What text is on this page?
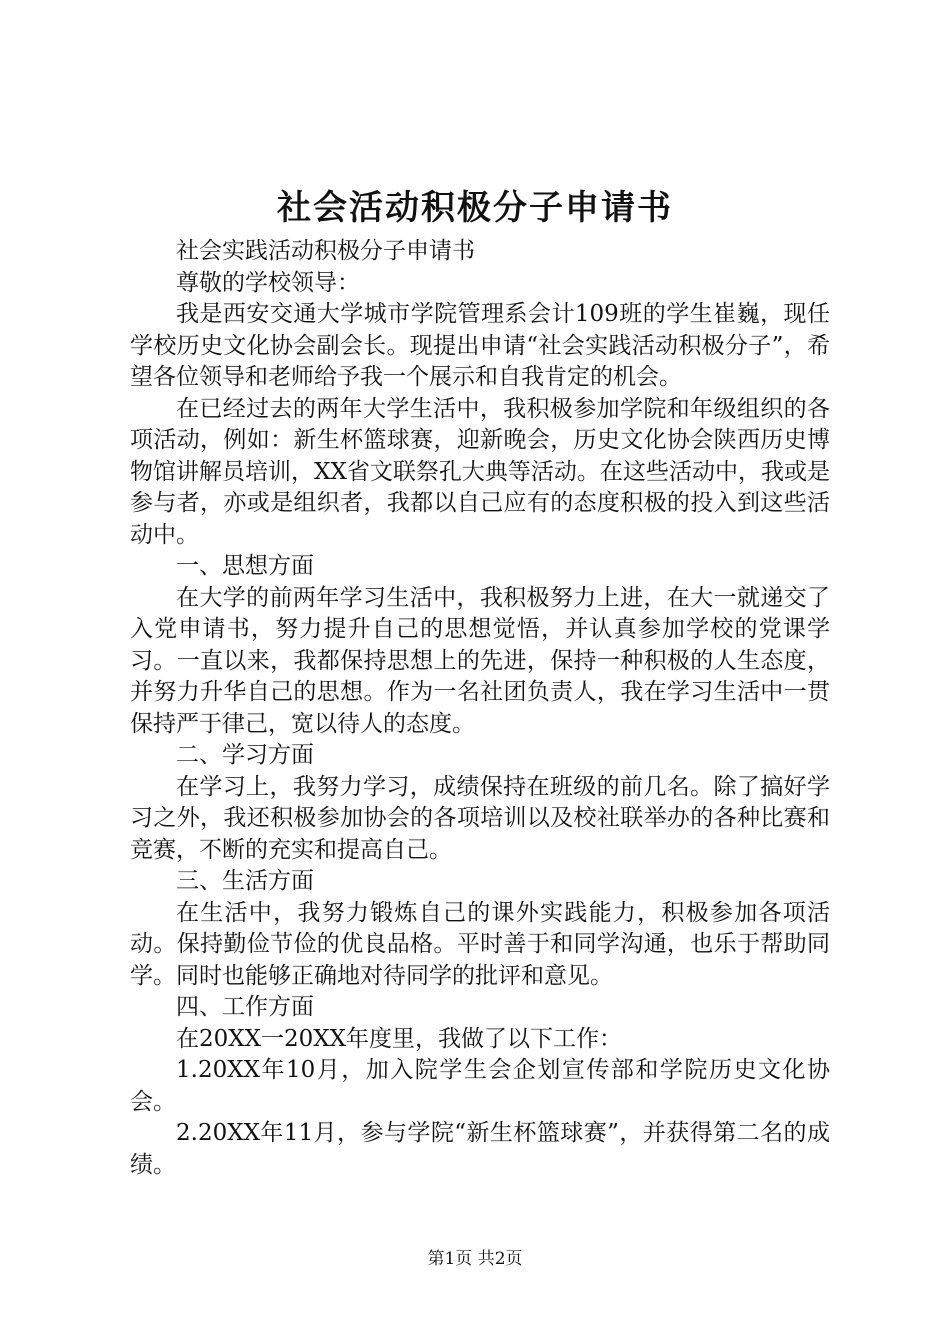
社会活动积极分子申请书

社会实践活动积极分子申请书

尊敬的学校领导：

我是西安交通大学城市学院管理系会计109班的学生崔巍，现任学校历史文化协会副会长。现提出申请“社会实践活动积极分子”，希望各位领导和老师给予我一个展示和自我肯定的机会。

在已经过去的两年大学生活中，我积极参加学院和年级组织的各项活动，例如：新生杯篮球赛，迎新晚会，历史文化协会陕西历史博物馆讲解员培训，XX省文联祭孔大典等活动。在这些活动中，我或是参与者，亦或是组织者，我都以自己应有的态度积极的投入到这些活动中。

一、思想方面

在大学的前两年学习生活中，我积极努力上进，在大一就递交了入党申请书，努力提升自己的思想觉悟，并认真参加学校的党课学习。一直以来，我都保持思想上的先进，保持一种积极的人生态度，并努力升华自己的思想。作为一名社团负责人，我在学习生活中一贯保持严于律己，宽以待人的态度。

二、学习方面

在学习上，我努力学习，成绩保持在班级的前几名。除了搞好学习之外，我还积极参加协会的各项培训以及校社联举办的各种比赛和竞赛，不断的充实和提高自己。

三、生活方面

在生活中，我努力锻炼自己的课外实践能力，积极参加各项活动。保持勤俭节俭的优良品格。平时善于和同学沟通，也乐于帮助同学。同时也能够正确地对待同学的批评和意见。

四、工作方面

在20XX一20XX年度里，我做了以下工作：

1.20XX年10月，加入院学生会企划宣传部和学院历史文化协会。

2.20XX年11月，参与学院“新生杯篮球赛”，并获得第二名的成绩。

第1页 共2页
